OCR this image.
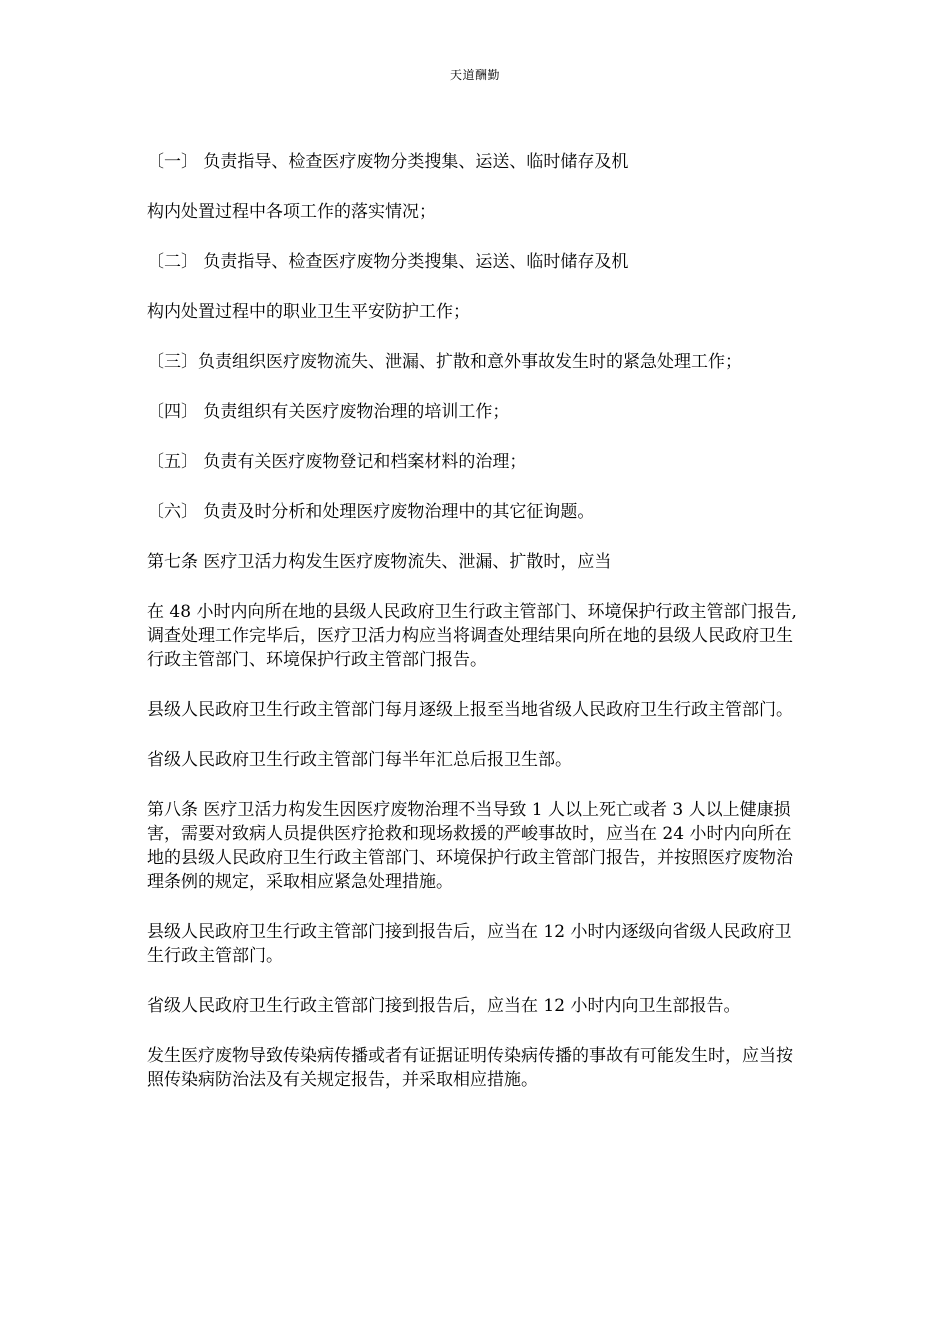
天道酬勤

〔一〕 负责指导、检查医疗废物分类搜集、运送、临时储存及机

构内处置过程中各项工作的落实情况；

〔二〕 负责指导、检查医疗废物分类搜集、运送、临时储存及机

构内处置过程中的职业卫生平安防护工作；

〔三〕负责组织医疗废物流失、泄漏、扩散和意外事故发生时的紧急处理工作；

〔四〕 负责组织有关医疗废物治理的培训工作；

〔五〕 负责有关医疗废物登记和档案材料的治理；

〔六〕 负责及时分析和处理医疗废物治理中的其它征询题。

第七条 医疗卫活力构发生医疗废物流失、泄漏、扩散时，应当

在 48 小时内向所在地的县级人民政府卫生行政主管部门、环境保护行政主管部门报告,调查处理工作完毕后，医疗卫活力构应当将调查处理结果向所在地的县级人民政府卫生行政主管部门、环境保护行政主管部门报告。

县级人民政府卫生行政主管部门每月逐级上报至当地省级人民政府卫生行政主管部门。

省级人民政府卫生行政主管部门每半年汇总后报卫生部。

第八条 医疗卫活力构发生因医疗废物治理不当导致 1 人以上死亡或者 3 人以上健康损害，需要对致病人员提供医疗抢救和现场救援的严峻事故时，应当在 24 小时内向所在地的县级人民政府卫生行政主管部门、环境保护行政主管部门报告，并按照医疗废物治理条例的规定，采取相应紧急处理措施。

县级人民政府卫生行政主管部门接到报告后，应当在 12 小时内逐级向省级人民政府卫生行政主管部门。

省级人民政府卫生行政主管部门接到报告后，应当在 12 小时内向卫生部报告。

发生医疗废物导致传染病传播或者有证据证明传染病传播的事故有可能发生时，应当按照传染病防治法及有关规定报告，并采取相应措施。
